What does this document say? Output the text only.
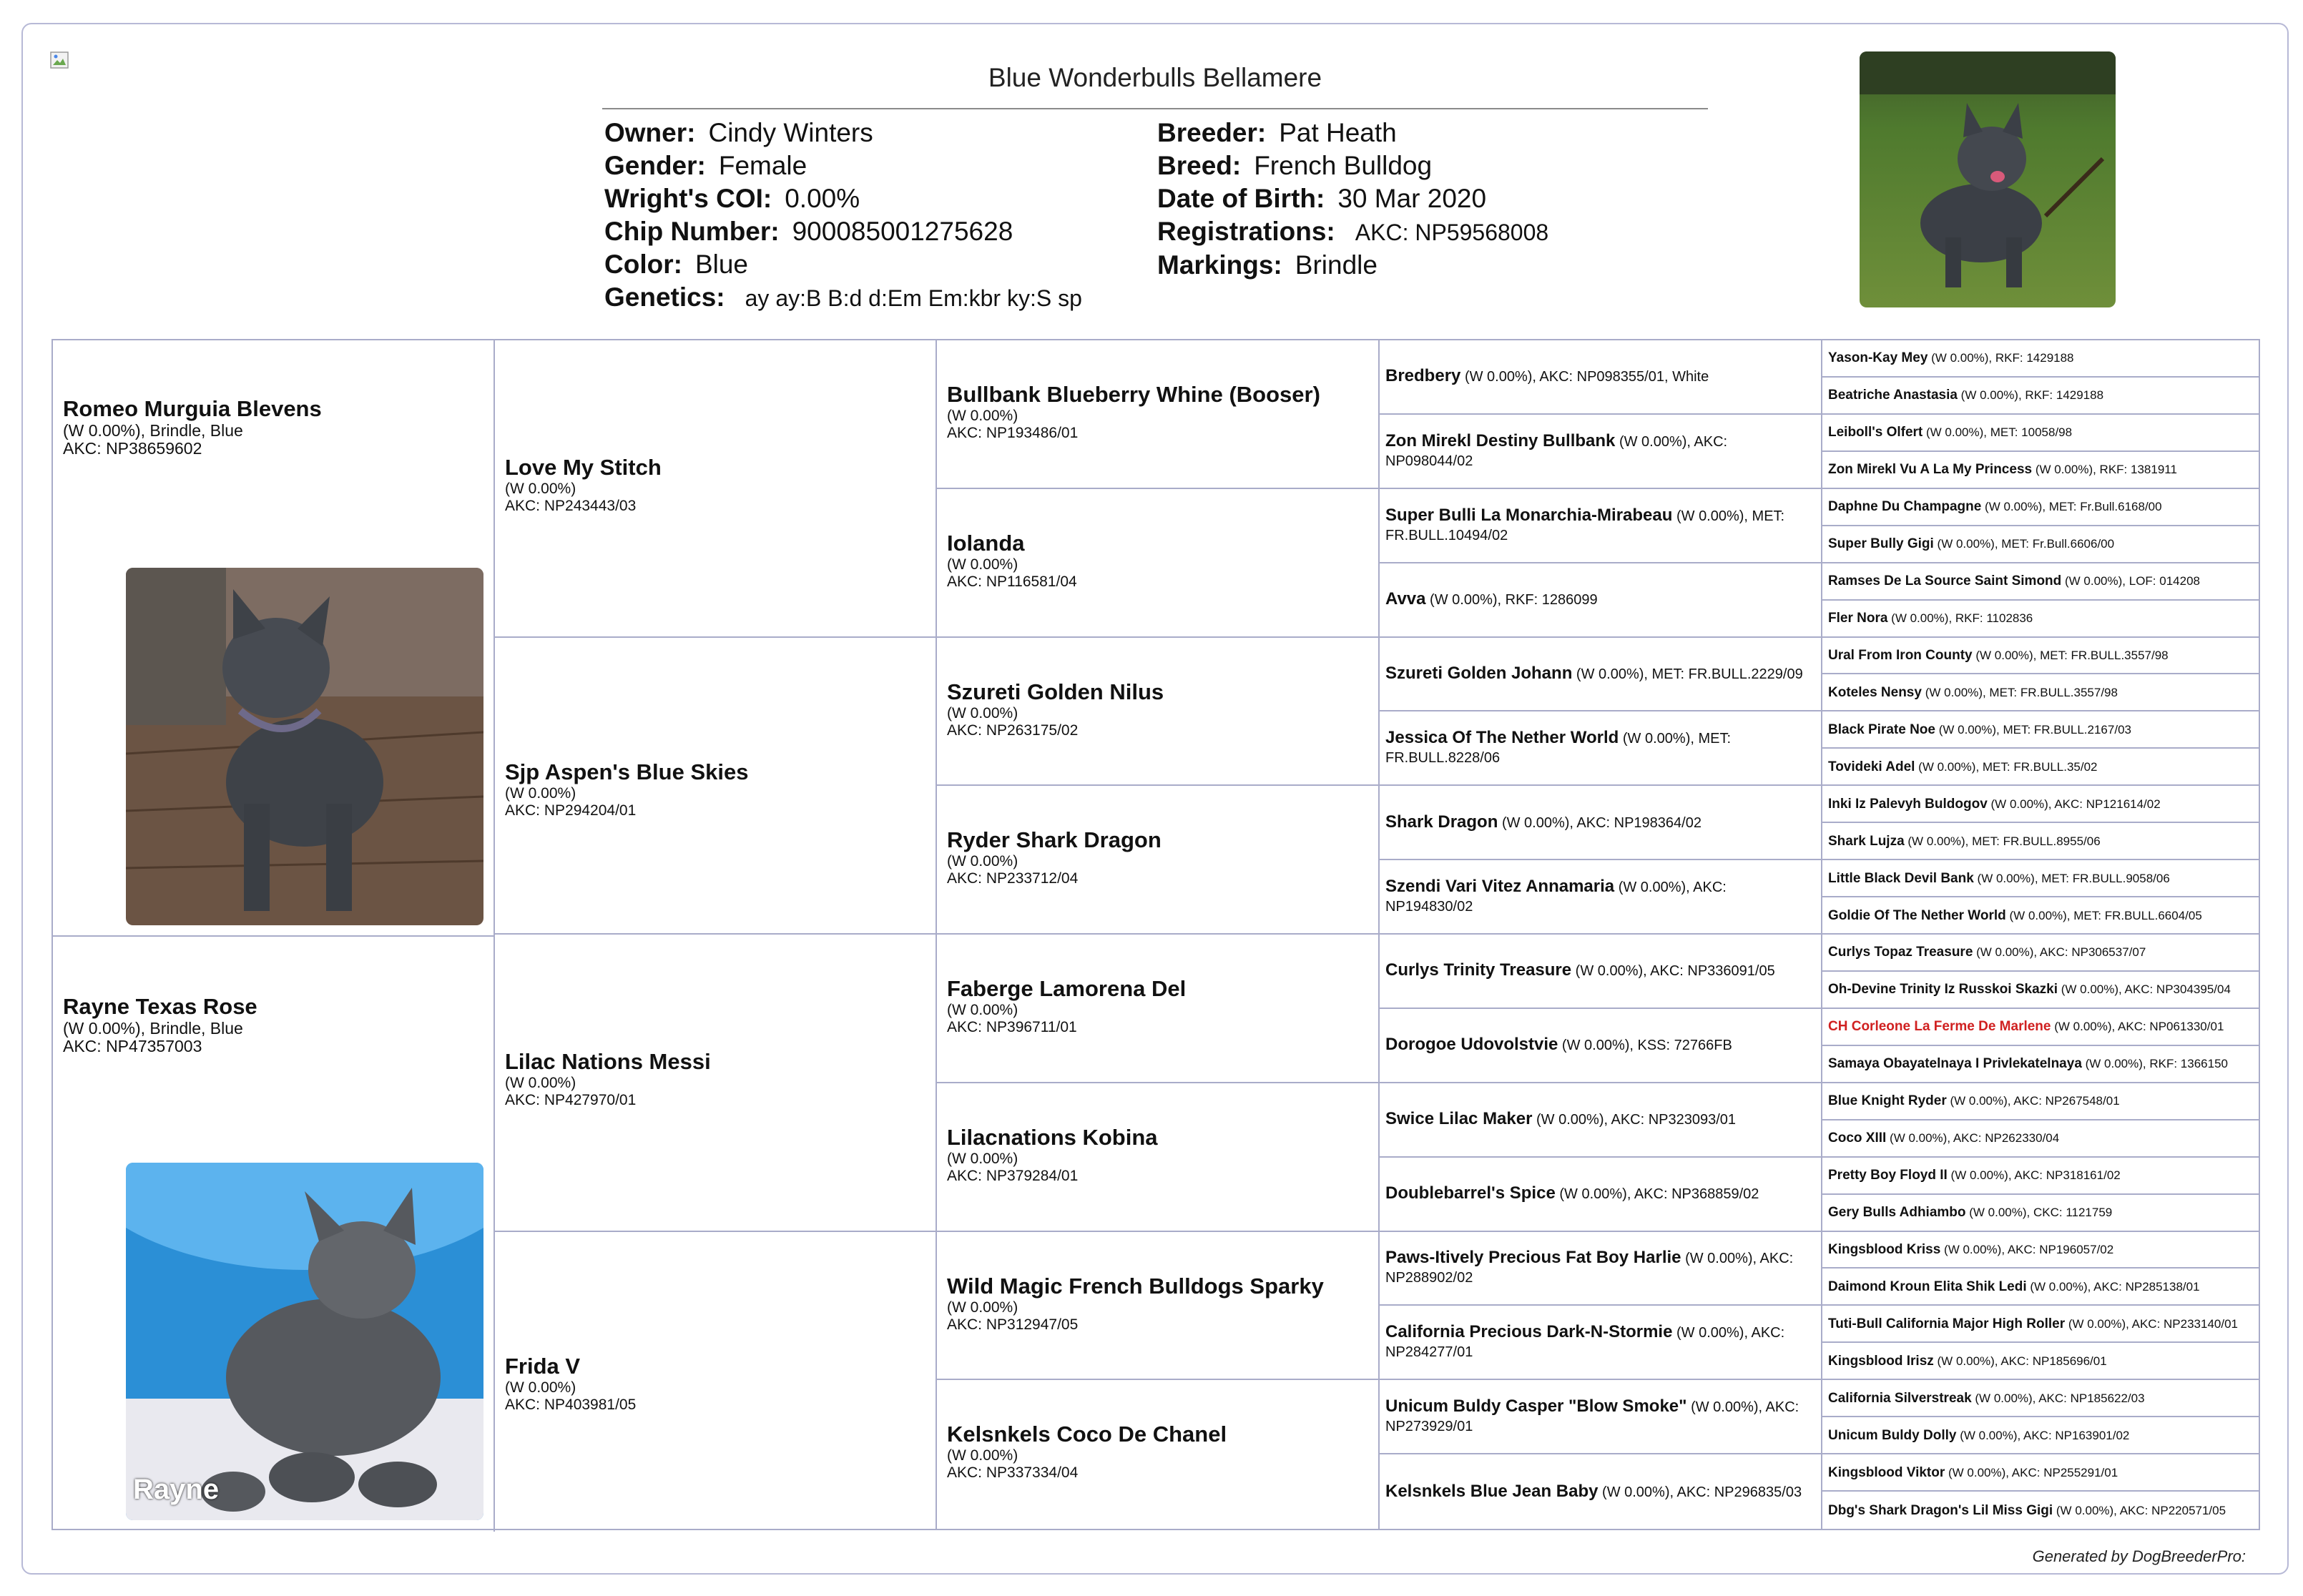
Blue Wonderbulls Bellamere
Owner: Cindy Winters
Gender: Female
Wright's COI: 0.00%
Chip Number: 900085001275628
Color: Blue
Genetics: ay ay:B B:d d:Em Em:kbr ky:S sp
Breeder: Pat Heath
Breed: French Bulldog
Date of Birth: 30 Mar 2020
Registrations: AKC: NP59568008
Markings: Brindle
Romeo Murguia Blevens
(W 0.00%), Brindle, Blue
AKC: NP38659602
Rayne Texas Rose
(W 0.00%), Brindle, Blue
AKC: NP47357003
Rayne
Love My Stitch
(W 0.00%)
AKC: NP243443/03
Sjp Aspen's Blue Skies
(W 0.00%)
AKC: NP294204/01
Lilac Nations Messi
(W 0.00%)
AKC: NP427970/01
Frida V
(W 0.00%)
AKC: NP403981/05
Bullbank Blueberry Whine (Booser)
(W 0.00%)
AKC: NP193486/01
Iolanda
(W 0.00%)
AKC: NP116581/04
Szureti Golden Nilus
(W 0.00%)
AKC: NP263175/02
Ryder Shark Dragon
(W 0.00%)
AKC: NP233712/04
Faberge Lamorena Del
(W 0.00%)
AKC: NP396711/01
Lilacnations Kobina
(W 0.00%)
AKC: NP379284/01
Wild Magic French Bulldogs Sparky
(W 0.00%)
AKC: NP312947/05
Kelsnkels Coco De Chanel
(W 0.00%)
AKC: NP337334/04
Bredbery (W 0.00%), AKC: NP098355/01, White
Zon Mirekl Destiny Bullbank (W 0.00%), AKC: NP098044/02
Super Bulli La Monarchia-Mirabeau (W 0.00%), MET: FR.BULL.10494/02
Avva (W 0.00%), RKF: 1286099
Szureti Golden Johann (W 0.00%), MET: FR.BULL.2229/09
Jessica Of The Nether World (W 0.00%), MET: FR.BULL.8228/06
Shark Dragon (W 0.00%), AKC: NP198364/02
Szendi Vari Vitez Annamaria (W 0.00%), AKC: NP194830/02
Curlys Trinity Treasure (W 0.00%), AKC: NP336091/05
Dorogoe Udovolstvie (W 0.00%), KSS: 72766FB
Swice Lilac Maker (W 0.00%), AKC: NP323093/01
Doublebarrel's Spice (W 0.00%), AKC: NP368859/02
Paws-Itively Precious Fat Boy Harlie (W 0.00%), AKC: NP288902/02
California Precious Dark-N-Stormie (W 0.00%), AKC: NP284277/01
Unicum Buldy Casper "Blow Smoke" (W 0.00%), AKC: NP273929/01
Kelsnkels Blue Jean Baby (W 0.00%), AKC: NP296835/03
Yason-Kay Mey (W 0.00%), RKF: 1429188
Beatriche Anastasia (W 0.00%), RKF: 1429188
Leiboll's Olfert (W 0.00%), MET: 10058/98
Zon Mirekl Vu A La My Princess (W 0.00%), RKF: 1381911
Daphne Du Champagne (W 0.00%), MET: Fr.Bull.6168/00
Super Bully Gigi (W 0.00%), MET: Fr.Bull.6606/00
Ramses De La Source Saint Simond (W 0.00%), LOF: 014208
Fler Nora (W 0.00%), RKF: 1102836
Ural From Iron County (W 0.00%), MET: FR.BULL.3557/98
Koteles Nensy (W 0.00%), MET: FR.BULL.3557/98
Black Pirate Noe (W 0.00%), MET: FR.BULL.2167/03
Tovideki Adel (W 0.00%), MET: FR.BULL.35/02
Inki Iz Palevyh Buldogov (W 0.00%), AKC: NP121614/02
Shark Lujza (W 0.00%), MET: FR.BULL.8955/06
Little Black Devil Bank (W 0.00%), MET: FR.BULL.9058/06
Goldie Of The Nether World (W 0.00%), MET: FR.BULL.6604/05
Curlys Topaz Treasure (W 0.00%), AKC: NP306537/07
Oh-Devine Trinity Iz Russkoi Skazki (W 0.00%), AKC: NP304395/04
CH Corleone La Ferme De Marlene (W 0.00%), AKC: NP061330/01
Samaya Obayatelnaya I Privlekatelnaya (W 0.00%), RKF: 1366150
Blue Knight Ryder (W 0.00%), AKC: NP267548/01
Coco XIII (W 0.00%), AKC: NP262330/04
Pretty Boy Floyd II (W 0.00%), AKC: NP318161/02
Gery Bulls Adhiambo (W 0.00%), CKC: 1121759
Kingsblood Kriss (W 0.00%), AKC: NP196057/02
Daimond Kroun Elita Shik Ledi (W 0.00%), AKC: NP285138/01
Tuti-Bull California Major High Roller (W 0.00%), AKC: NP233140/01
Kingsblood Irisz (W 0.00%), AKC: NP185696/01
California Silverstreak (W 0.00%), AKC: NP185622/03
Unicum Buldy Dolly (W 0.00%), AKC: NP163901/02
Kingsblood Viktor (W 0.00%), AKC: NP255291/01
Dbg's Shark Dragon's Lil Miss Gigi (W 0.00%), AKC: NP220571/05
Generated by DogBreederPro:
